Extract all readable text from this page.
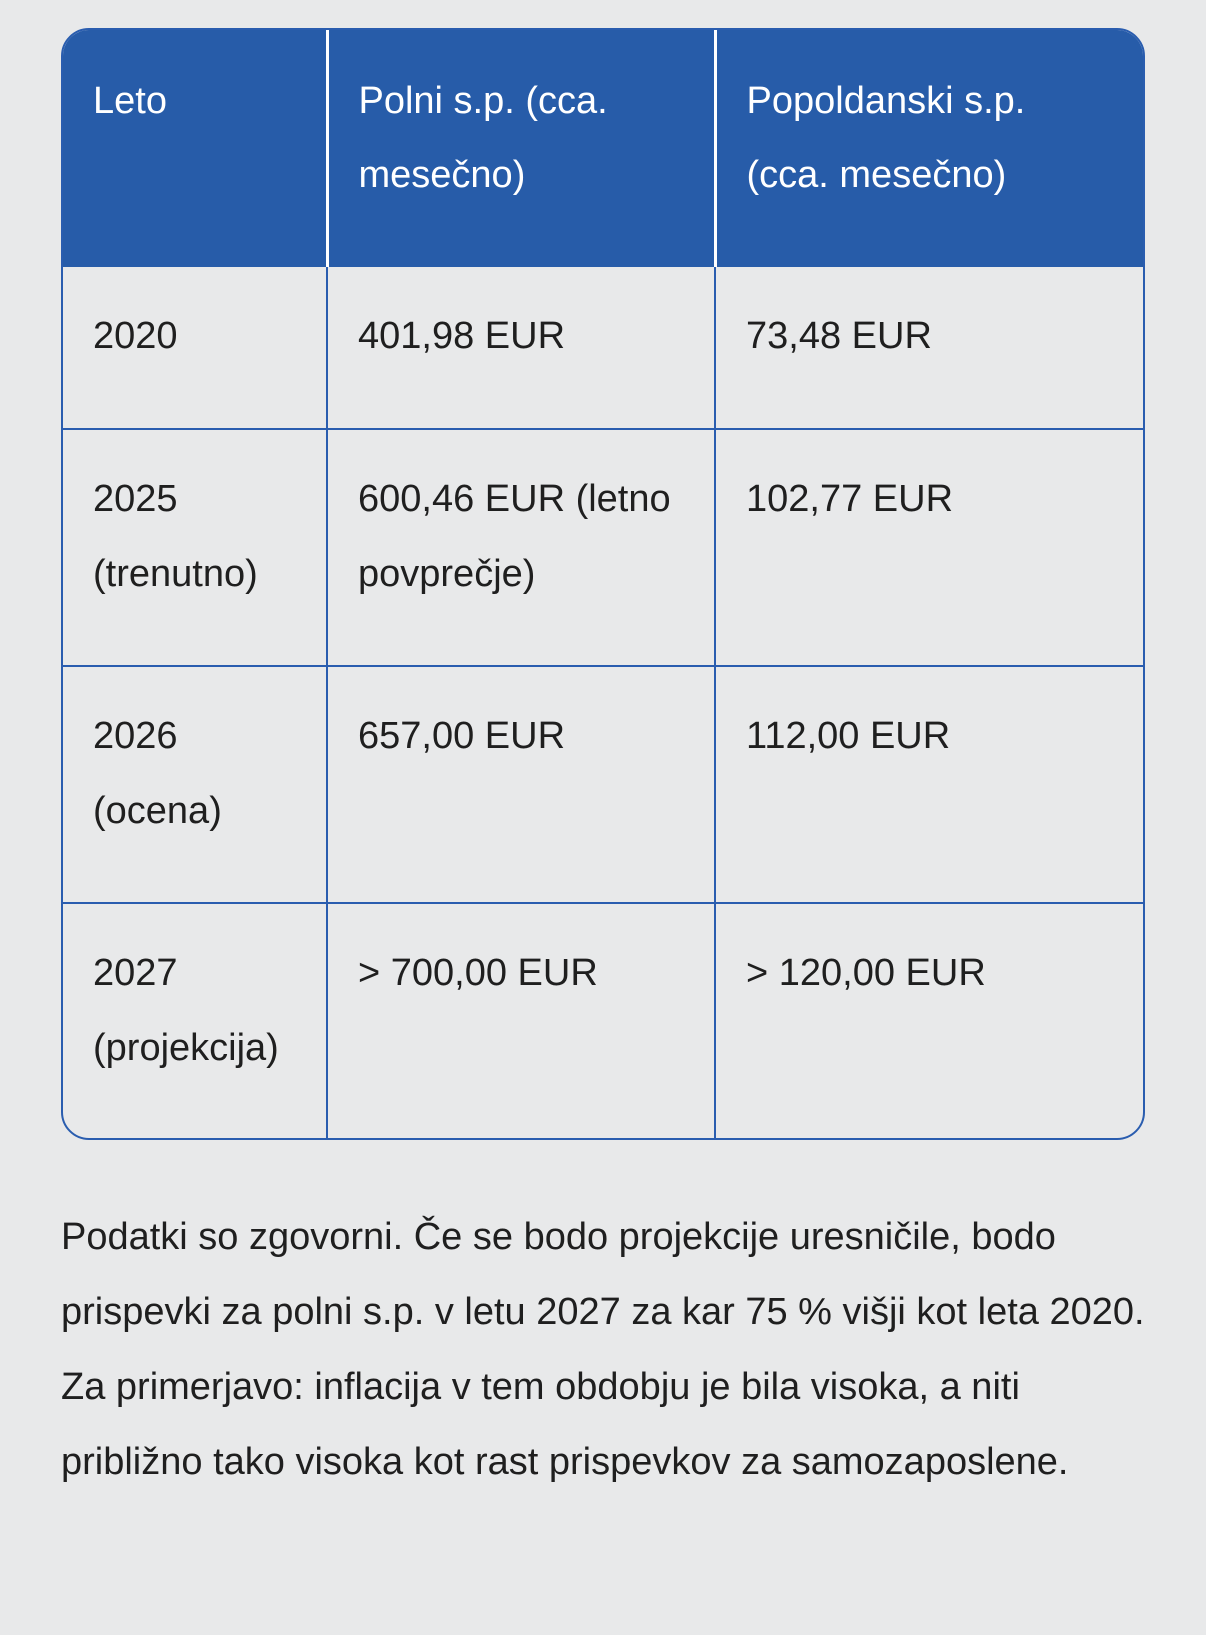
Leto	Polni s.p. (cca. mesečno)	Popoldanski s.p. (cca. mesečno)
2020	401,98 EUR	73,48 EUR
2025 (trenutno)	600,46 EUR (letno povprečje)	102,77 EUR
2026 (ocena)	657,00 EUR	112,00 EUR
2027 (projekcija)	> 700,00 EUR	> 120,00 EUR

Podatki so zgovorni. Če se bodo projekcije uresničile, bodo prispevki za polni s.p. v letu 2027 za kar 75 % višji kot leta 2020. Za primerjavo: inflacija v tem obdobju je bila visoka, a niti približno tako visoka kot rast prispevkov za samozaposlene.
